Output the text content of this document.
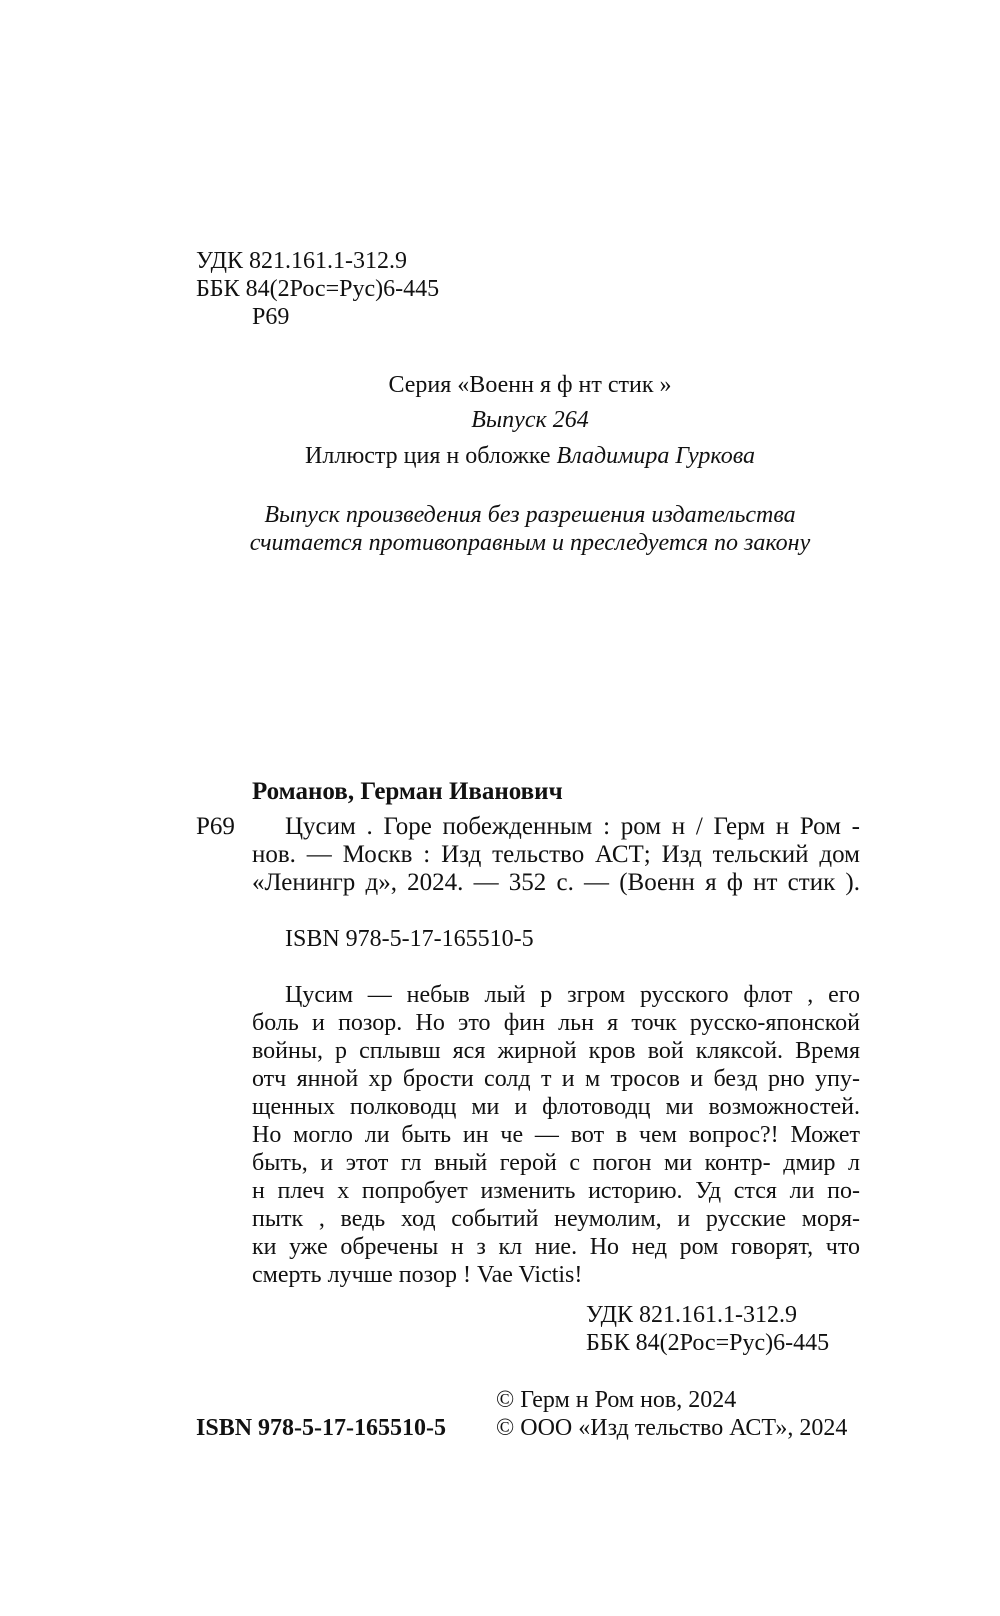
УДК 821.161.1-312.9
ББК 84(2Рос=Рус)6-445
Р69
Серия «Военн я ф нт стик »
Выпуск 264
Иллюстр ция н обложке Владимира Гуркова
Выпуск произведения без разрешения издательства
считается противоправным и преследуется по закону
Романов, Герман Иванович
Р69 Цусим . Горе побежденным : ром н / Герм н Ром -
нов. — Москв : Изд тельство АСТ; Изд тельский дом
«Ленингр д», 2024. — 352 с. — (Военн я ф нт стик ).
ISBN 978-5-17-165510-5
Цусим — небыв лый р згром русского флот , его
боль и позор. Но это фин льн я точк русско-японской
войны, р сплывш яся жирной кров вой кляксой. Время
отч янной хр брости солд т и м тросов и безд рно упу-
щенных полководц ми и флотоводц ми возможностей.
Но могло ли быть ин че — вот в чем вопрос?! Может
быть, и этот гл вный герой с погон ми контр- дмир л
н плеч х попробует изменить историю. Уд стся ли по-
пытк , ведь ход событий неумолим, и русские моря-
ки уже обречены н з кл ние. Но нед ром говорят, что
смерть лучше позор ! Vae Victis!
УДК 821.161.1-312.9
ББК 84(2Рос=Рус)6-445
© Герм н Ром нов, 2024
ISBN 978-5-17-165510-5 © ООО «Изд тельство АСТ», 2024
